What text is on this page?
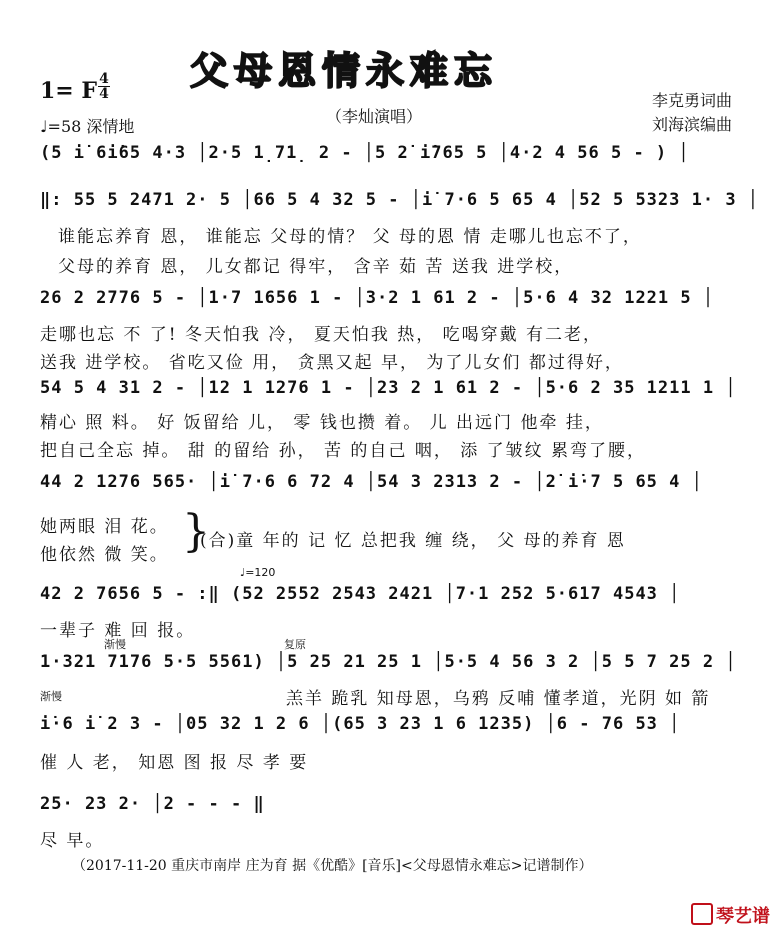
父母恩情永难忘
1= F 4
4
♩=58 深情地
（李灿演唱）
李克勇词曲
刘海滨编曲
(5 i̇ 6i̇65 4·3 │2·5 1̣71̣ 2 - │5 2̇ i̇765 5 │4·2 4 56 5 - ) │
‖: 55 5 2471 2· 5 │66 5 4 32 5 - │i̇ 7·6 5 65 4 │52 5 5323 1· 3 │
谁能忘养育 恩， 谁能忘 父母的情？ 父 母的恩 情 走哪儿也忘不了，
父母的养育 恩， 儿女都记 得牢， 含辛 茹 苦 送我 进学校，
26 2 2776 5 - │1·7 1656 1 - │3·2 1 61 2 - │5·6 4 32 1221 5 │
走哪也忘 不 了! 冬天怕我 冷， 夏天怕我 热， 吃喝穿戴 有二老，
送我 进学校。 省吃又俭 用， 贪黑又起 早， 为了儿女们 都过得好，
54 5 4 31 2 - │12 1 1276 1 - │23 2 1 61 2 - │5·6 2 35 1211 1 │
精心 照 料。 好 饭留给 儿， 零 钱也攒 着。 儿 出远门 他牵 挂，
把自己全忘 掉。 甜 的留给 孙， 苦 的自己 咽， 添 了皱纹 累弯了腰，
44 2 1276 565· │i̇ 7·6 6 72 4 │54 3 2313 2 - │2̇ i̇·7 5 65 4 │
她两眼 泪 花。
他依然 微 笑。 }
(合)童 年的 记 忆 总把我 缠 绕， 父 母的养育 恩
♩=120
42 2 7656 5 - :‖ (52 2552 2543 2421 │7·1 252 5·617 4543 │
一辈子 难 回 报。
渐慢	复原
1·321 7176 5·5 5561) │5 25 21 25 1 │5·5 4 56 3 2 │5 5 7 25 2 │
渐慢	羔羊 跪乳 知母恩，乌鸦 反哺 懂孝道，光阴 如 箭
i̇·6 i̇ 2 3 - │05 32 1 2 6 │(65 3 23 1 6 1235) │6 - 76 53 │
催 人 老， 知恩 图 报 尽 孝 要
25· 23 2· │2 - - - ‖
尽 早。
（2017-11-20 重庆市南岸 庄为育 据《优酷》[音乐]<父母恩情永难忘>记谱制作）
琴艺谱
